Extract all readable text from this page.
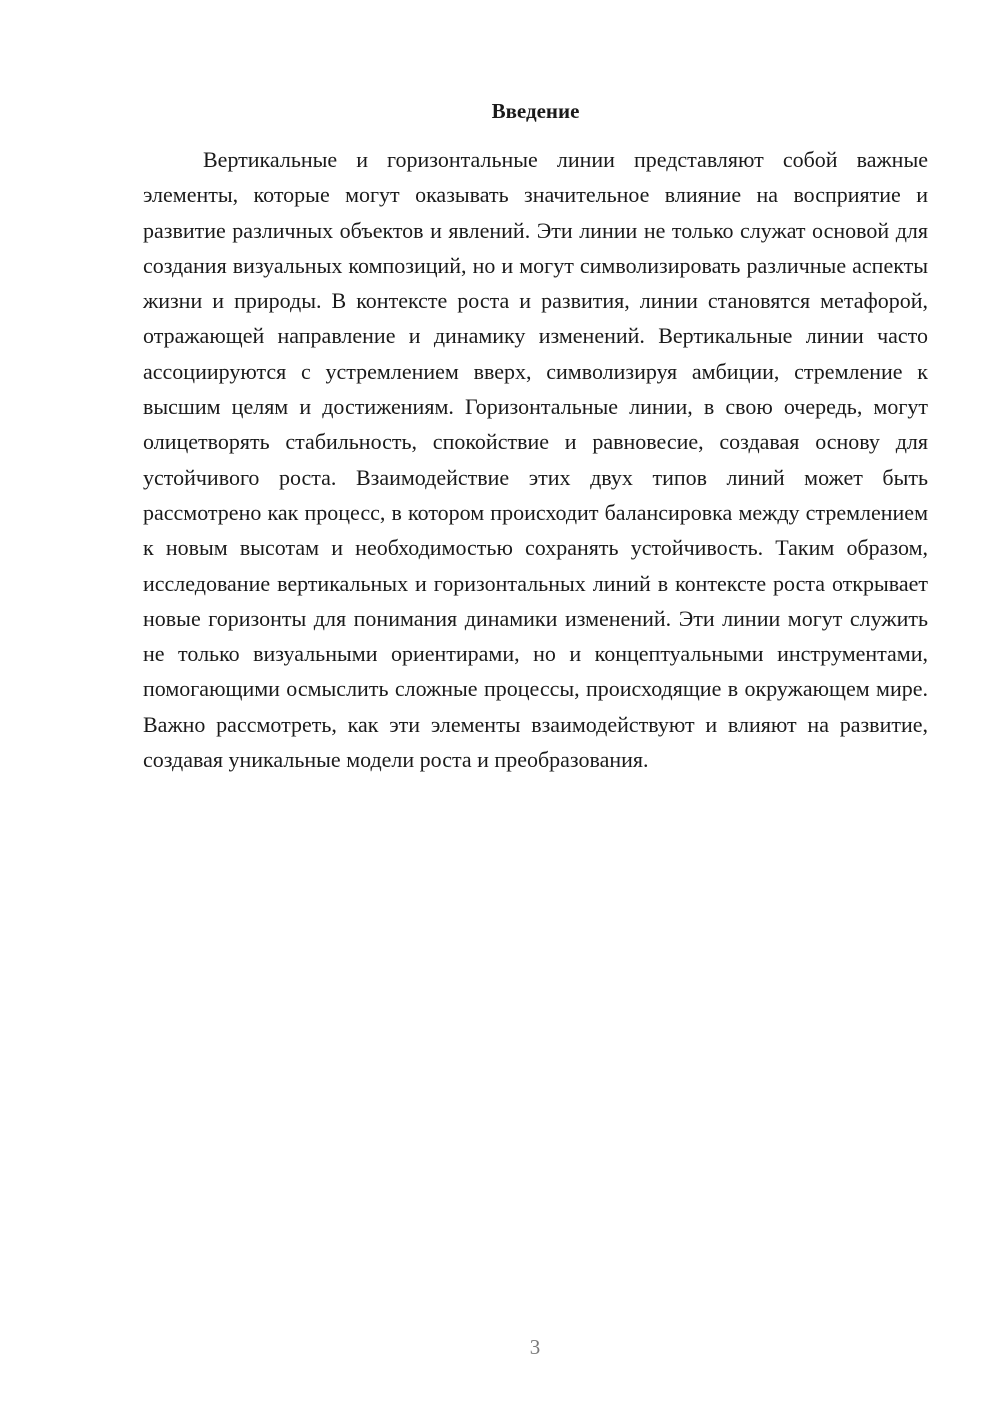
Введение

Вертикальные и горизонтальные линии представляют собой важные элементы, которые могут оказывать значительное влияние на восприятие и развитие различных объектов и явлений. Эти линии не только служат основой для создания визуальных композиций, но и могут символизировать различные аспекты жизни и природы. В контексте роста и развития, линии становятся метафорой, отражающей направление и динамику изменений. Вертикальные линии часто ассоциируются с устремлением вверх, символизируя амбиции, стремление к высшим целям и достижениям. Горизонтальные линии, в свою очередь, могут олицетворять стабильность, спокойствие и равновесие, создавая основу для устойчивого роста. Взаимодействие этих двух типов линий может быть рассмотрено как процесс, в котором происходит балансировка между стремлением к новым высотам и необходимостью сохранять устойчивость. Таким образом, исследование вертикальных и горизонтальных линий в контексте роста открывает новые горизонты для понимания динамики изменений. Эти линии могут служить не только визуальными ориентирами, но и концептуальными инструментами, помогающими осмыслить сложные процессы, происходящие в окружающем мире. Важно рассмотреть, как эти элементы взаимодействуют и влияют на развитие, создавая уникальные модели роста и преобразования.

3
